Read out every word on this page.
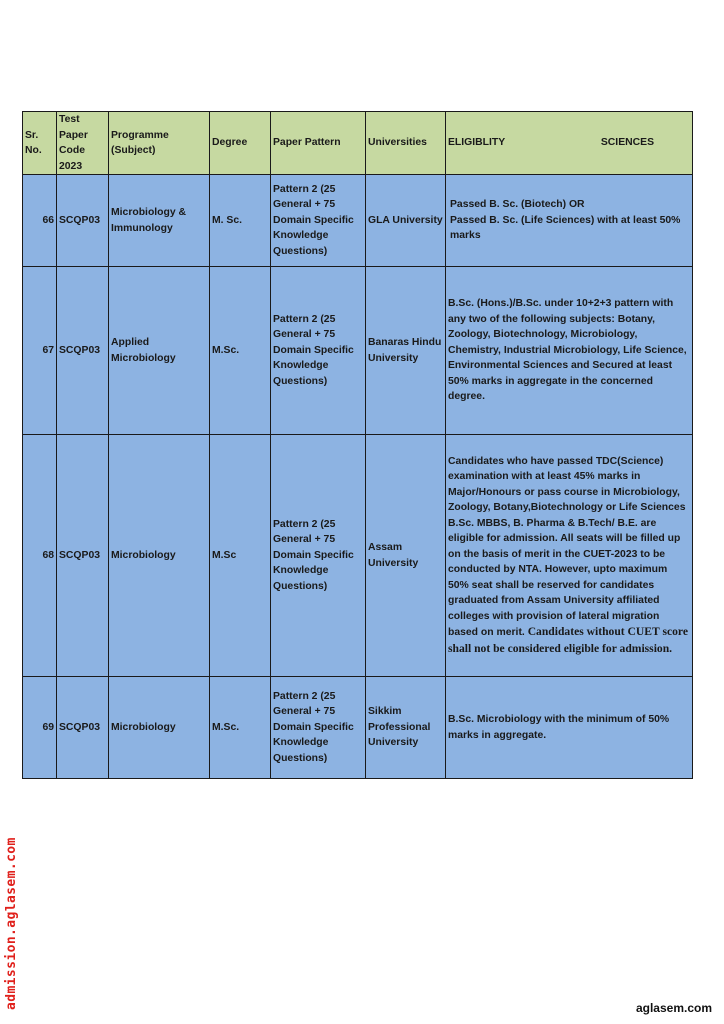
Sr. No.	Test Paper Code 2023	Programme (Subject)	Degree	Paper Pattern	Universities	ELIGIBLITY SCIENCES

66	SCQP03	Microbiology & Immunology	M. Sc.	Pattern 2 (25 General + 75 Domain Specific Knowledge Questions)	GLA University	Passed B. Sc. (Biotech) OR
Passed B. Sc. (Life Sciences) with at least 50% marks
67	SCQP03	Applied Microbiology	M.Sc.	Pattern 2 (25 General + 75 Domain Specific Knowledge Questions)	Banaras Hindu University	B.Sc. (Hons.)/B.Sc. under 10+2+3 pattern with any two of the following subjects: Botany, Zoology, Biotechnology, Microbiology, Chemistry, Industrial Microbiology, Life Science, Environmental Sciences and Secured at least 50% marks in aggregate in the concerned degree.
68	SCQP03	Microbiology	M.Sc	Pattern 2 (25 General + 75 Domain Specific Knowledge Questions)	Assam University	Candidates who have passed TDC(Science) examination with at least 45% marks in Major/Honours or pass course in Microbiology, Zoology, Botany,Biotechnology or Life Sciences B.Sc. MBBS, B. Pharma & B.Tech/ B.E. are eligible for admission. All seats will be filled up on the basis of merit in the CUET-2023 to be conducted by NTA. However, upto maximum 50% seat shall be reserved for candidates graduated from Assam University affiliated colleges with provision of lateral migration based on merit. Candidates without CUET score shall not be considered eligible for admission.
69	SCQP03	Microbiology	M.Sc.	Pattern 2 (25 General + 75 Domain Specific Knowledge Questions)	Sikkim Professional University	B.Sc. Microbiology with the minimum of 50% marks in aggregate.
admission.aglasem.com	aglasem.com
